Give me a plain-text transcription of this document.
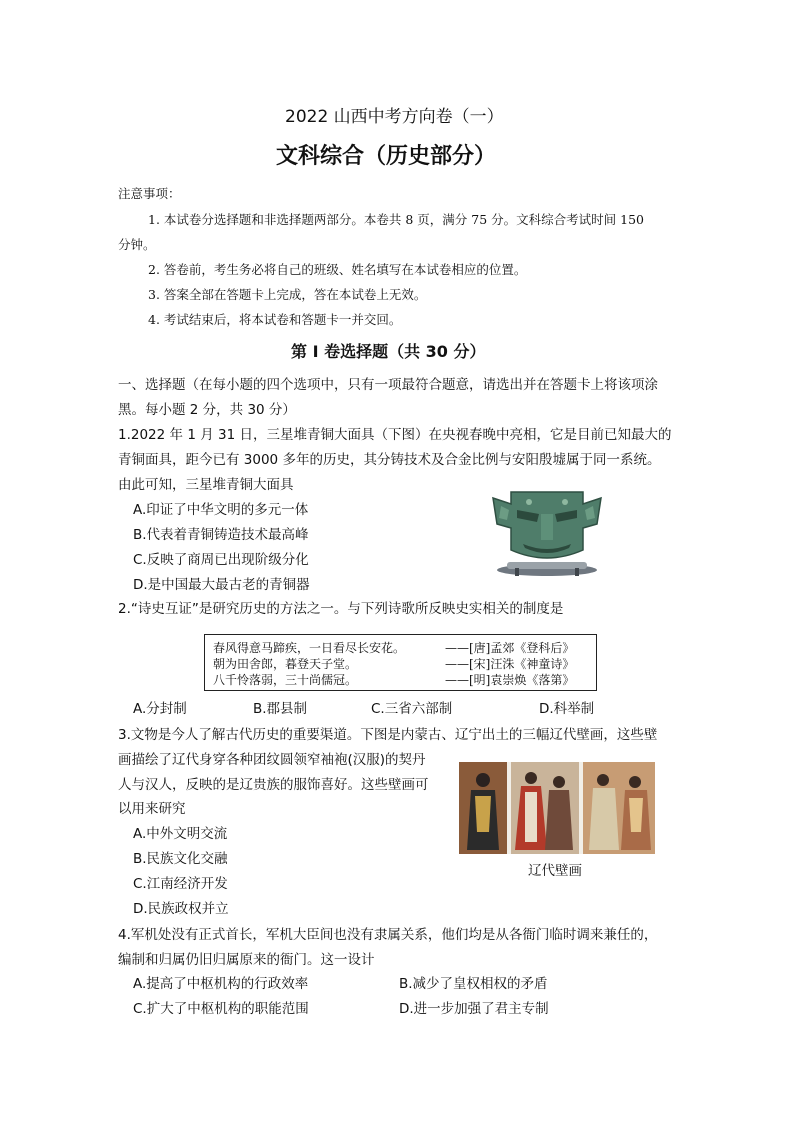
2022 山西中考方向卷（一）
文科综合（历史部分）
注意事项：
1. 本试卷分选择题和非选择题两部分。本卷共 8 页，满分 75 分。文科综合考试时间 150
分钟。
2. 答卷前，考生务必将自己的班级、姓名填写在本试卷相应的位置。
3. 答案全部在答题卡上完成，答在本试卷上无效。
4. 考试结束后，将本试卷和答题卡一并交回。
第 I 卷选择题（共 30 分）
一、选择题（在每小题的四个选项中，只有一项最符合题意，请选出并在答题卡上将该项涂
黑。每小题 2 分，共 30 分）
1.2022 年 1 月 31 日，三星堆青铜大面具（下图）在央视春晚中亮相，它是目前已知最大的
青铜面具，距今已有 3000 多年的历史，其分铸技术及合金比例与安阳殷墟属于同一系统。
由此可知，三星堆青铜大面具
A.印证了中华文明的多元一体
B.代表着青铜铸造技术最高峰
C.反映了商周已出现阶级分化
D.是中国最大最古老的青铜器
2.“诗史互证”是研究历史的方法之一。与下列诗歌所反映史实相关的制度是
春风得意马蹄疾，一日看尽长安花。	——[唐]孟郊《登科后》
朝为田舍郎，暮登天子堂。	——[宋]汪洙《神童诗》
八千怜落弱，三十尚儒冠。	——[明]袁崇焕《落第》
A.分封制	B.郡县制	C.三省六部制	D.科举制
3.文物是今人了解古代历史的重要渠道。下图是内蒙古、辽宁出土的三幅辽代壁画，这些壁
画描绘了辽代身穿各种团纹圆领窄袖袍(汉服)的契丹
人与汉人，反映的是辽贵族的服饰喜好。这些壁画可
以用来研究
A.中外文明交流
B.民族文化交融
C.江南经济开发
D.民族政权并立
辽代壁画
4.军机处没有正式首长，军机大臣间也没有隶属关系，他们均是从各衙门临时调来兼任的，
编制和归属仍旧归属原来的衙门。这一设计
A.提高了中枢机构的行政效率	B.减少了皇权相权的矛盾
C.扩大了中枢机构的职能范围	D.进一步加强了君主专制
